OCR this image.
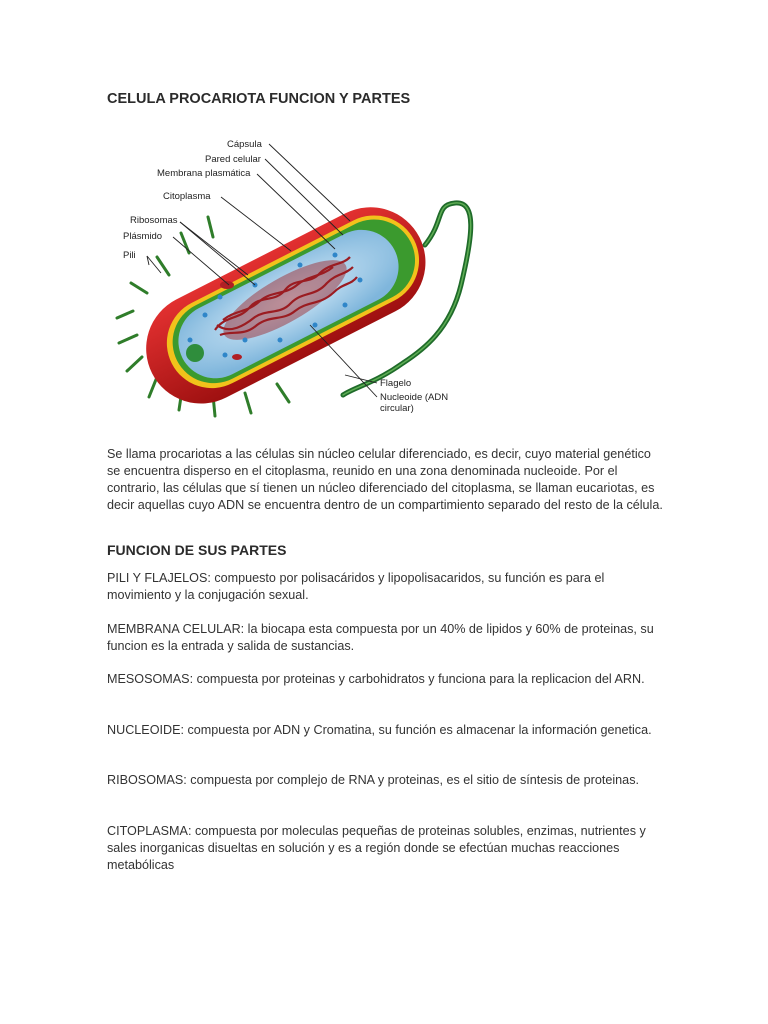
CELULA PROCARIOTA FUNCION Y PARTES
Cápsula
Pared celular
Membrana plasmática
Citoplasma
Ribosomas
Plásmido
Pili
Flagelo
Nucleoide (ADN
circular)

Se llama procariotas a las células sin núcleo celular diferenciado, es decir, cuyo material genético se encuentra disperso en el citoplasma, reunido en una zona denominada nucleoide. Por el contrario, las células que sí tienen un núcleo diferenciado del citoplasma, se llaman eucariotas, es decir aquellas cuyo ADN se encuentra dentro de un compartimiento separado del resto de la célula.

FUNCION DE SUS PARTES

PILI Y FLAJELOS: compuesto por polisacáridos y lipopolisacaridos, su función es para el movimiento y la conjugación sexual.

MEMBRANA CELULAR: la biocapa esta compuesta por un 40% de lipidos y 60% de proteinas, su funcion es la entrada y salida de sustancias.

MESOSOMAS: compuesta por proteinas y carbohidratos y funciona para la replicacion del ARN.

NUCLEOIDE: compuesta por ADN y Cromatina, su función es almacenar la información genetica.

RIBOSOMAS: compuesta por complejo de RNA y proteinas, es el sitio de síntesis de proteinas.

CITOPLASMA: compuesta por moleculas pequeñas de proteinas solubles, enzimas, nutrientes y sales inorganicas disueltas en solución y es a región donde se efectúan muchas reacciones metabólicas
